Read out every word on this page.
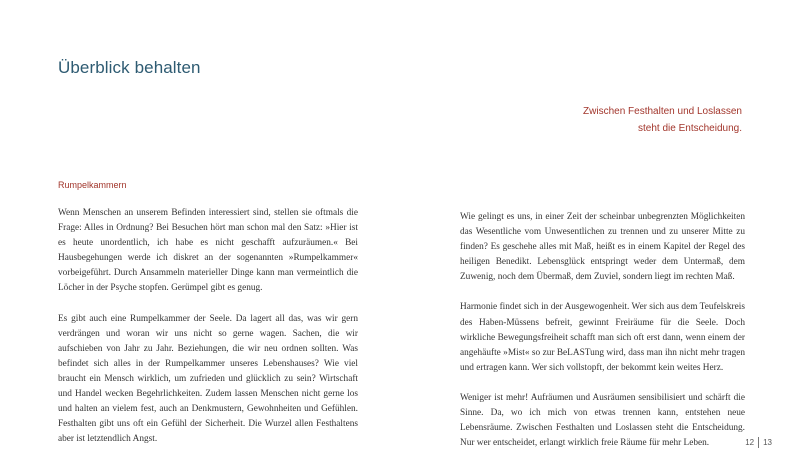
Überblick behalten
Zwischen Festhalten und Loslassen
steht die Entscheidung.
Rumpelkammern

Wenn Menschen an unserem Befinden interessiert sind, stellen sie oftmals die Frage: Alles in Ordnung? Bei Besuchen hört man schon mal den Satz: »Hier ist es heute unordentlich, ich habe es nicht geschafft aufzuräumen.« Bei Hausbegehungen werde ich diskret an der sogenannten »Rumpelkammer« vorbeigeführt. Durch Ansammeln materieller Dinge kann man vermeintlich die Löcher in der Psyche stopfen. Gerümpel gibt es genug.

Es gibt auch eine Rumpelkammer der Seele. Da lagert all das, was wir gern verdrängen und woran wir uns nicht so gerne wagen. Sachen, die wir aufschieben von Jahr zu Jahr. Beziehungen, die wir neu ordnen sollten. Was befindet sich alles in der Rumpelkammer unseres Lebenshauses? Wie viel braucht ein Mensch wirklich, um zufrieden und glücklich zu sein? Wirtschaft und Handel wecken Begehrlichkeiten. Zudem lassen Menschen nicht gerne los und halten an vielem fest, auch an Denkmustern, Gewohnheiten und Gefühlen. Festhalten gibt uns oft ein Gefühl der Sicherheit. Die Wurzel allen Festhaltens aber ist letztendlich Angst.

Wie gelingt es uns, in einer Zeit der scheinbar unbegrenzten Möglichkeiten das Wesentliche vom Unwesentlichen zu trennen und zu unserer Mitte zu finden? Es geschehe alles mit Maß, heißt es in einem Kapitel der Regel des heiligen Benedikt. Lebensglück entspringt weder dem Untermaß, dem Zuwenig, noch dem Übermaß, dem Zuviel, sondern liegt im rechten Maß.

Harmonie findet sich in der Ausgewogenheit. Wer sich aus dem Teufelskreis des Haben-Müssens befreit, gewinnt Freiräume für die Seele. Doch wirkliche Bewegungsfreiheit schafft man sich oft erst dann, wenn einem der angehäufte »Mist« so zur BeLASTung wird, dass man ihn nicht mehr tragen und ertragen kann. Wer sich vollstopft, der bekommt kein weites Herz.

Weniger ist mehr! Aufräumen und Ausräumen sensibilisiert und schärft die Sinne. Da, wo ich mich von etwas trennen kann, entstehen neue Lebensräume. Zwischen Festhalten und Loslassen steht die Entscheidung. Nur wer entscheidet, erlangt wirklich freie Räume für mehr Leben.	12 13
